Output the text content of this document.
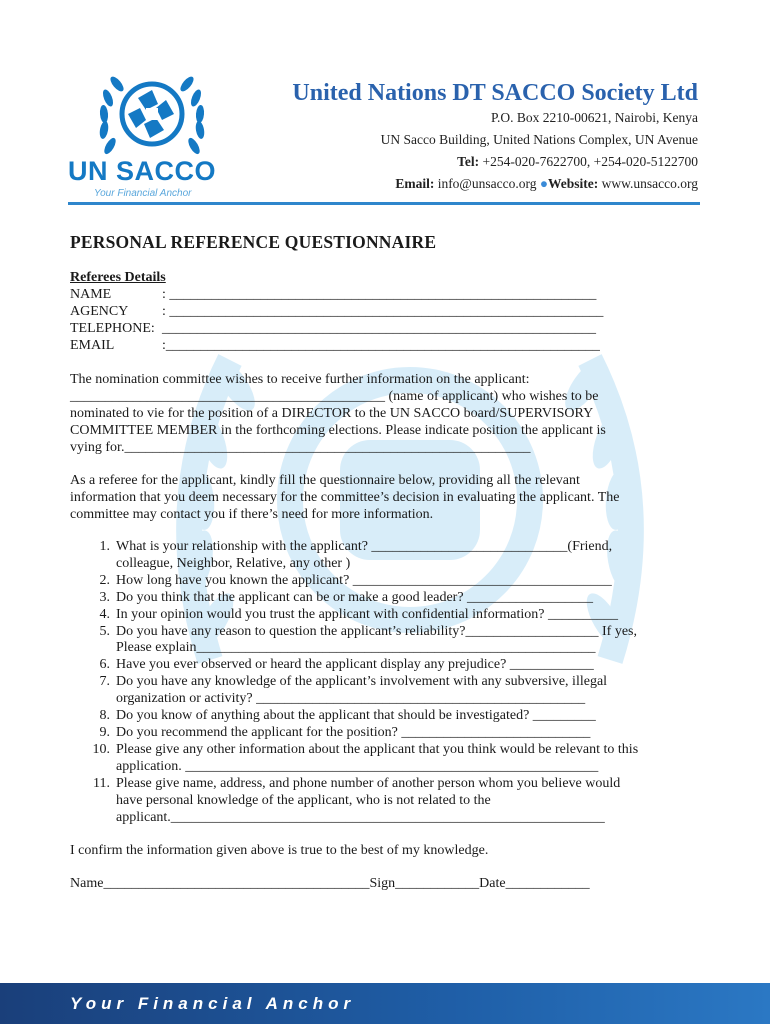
UN SACCO
Your Financial Anchor
United Nations DT SACCO Society Ltd
P.O. Box 2210-00621, Nairobi, Kenya
UN Sacco Building, United Nations Complex, UN Avenue
Tel: +254-020-7622700, +254-020-5122700
Email: info@unsacco.org ●Website: www.unsacco.org
PERSONAL REFERENCE QUESTIONNAIRE
Referees Details
NAME	: _____________________________________________________________
AGENCY : ______________________________________________________________
TELEPHONE: ______________________________________________________________
EMAIL	:______________________________________________________________
The nomination committee wishes to receive further information on the applicant:
_____________________________________________ (name of applicant) who wishes to be
nominated to vie for the position of a DIRECTOR to the UN SACCO board/SUPERVISORY
COMMITTEE MEMBER in the forthcoming elections. Please indicate position the applicant is
vying for.__________________________________________________________
As a referee for the applicant, kindly fill the questionnaire below, providing all the relevant
information that you deem necessary for the committee’s decision in evaluating the applicant. The
committee may contact you if there’s need for more information.
1. What is your relationship with the applicant? ____________________________(Friend,
colleague, Neighbor, Relative, any other )
2. How long have you known the applicant? _____________________________________
3. Do you think that the applicant can be or make a good leader? __________________
4. In your opinion would you trust the applicant with confidential information? __________
5. Do you have any reason to question the applicant’s reliability?___________________ If yes,
Please explain_________________________________________________________
6. Have you ever observed or heard the applicant display any prejudice? ____________
7. Do you have any knowledge of the applicant’s involvement with any subversive, illegal
organization or activity? _______________________________________________
8. Do you know of anything about the applicant that should be investigated? _________
9. Do you recommend the applicant for the position? ___________________________
10. Please give any other information about the applicant that you think would be relevant to this
application. ___________________________________________________________
11. Please give name, address, and phone number of another person whom you believe would
have personal knowledge of the applicant, who is not related to the
applicant.______________________________________________________________
I confirm the information given above is true to the best of my knowledge.
Name______________________________________Sign____________Date____________
Your Financial Anchor
